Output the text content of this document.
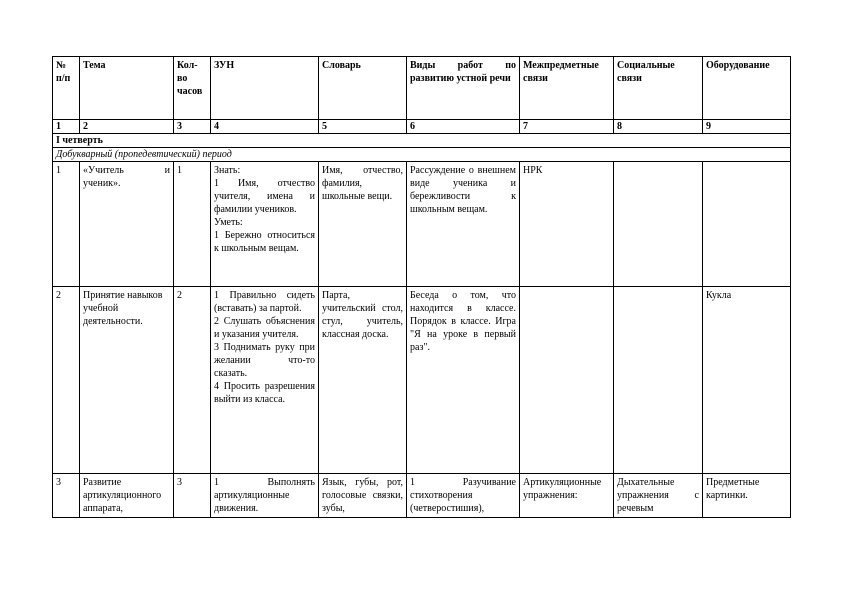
№ п/п	Тема	Кол-во часов	ЗУН	Словарь	Виды работ по развитию устной речи	Межпредметные связи	Социальные связи	Оборудование
1	2	3	4	5	6	7	8	9
I четверть								
Добукварный (пропедевтический) период								
1	«Учитель и ученик».	1	Знать:
1 Имя, отчество учителя, имена и фамилии учеников.
Уметь:
1 Бережно относиться к школьным вещам.	Имя, отчество, фамилия, школьные вещи.	Рассуждение о внешнем виде ученика и бережливости к школьным вещам.	НРК		
2	Принятие навыков учебной деятельности.	2	1 Правильно сидеть (вставать) за партой.
2 Слушать объяснения и указания учителя.
3 Поднимать руку при желании что-то сказать.
4 Просить разрешения выйти из класса.	Парта, учительский стол, стул, учитель, классная доска.	Беседа о том, что находится в классе. Порядок в классе. Игра "Я на уроке в первый раз".			Кукла
3	Развитие артикуляционного аппарата,	3	1 Выполнять артикуляционные движения.	Язык, губы, рот, голосовые связки, зубы,	1 Разучивание стихотворения (четверостишия),	Артикуляционные упражнения:	Дыхательные упражнения с речевым	Предметные картинки.
